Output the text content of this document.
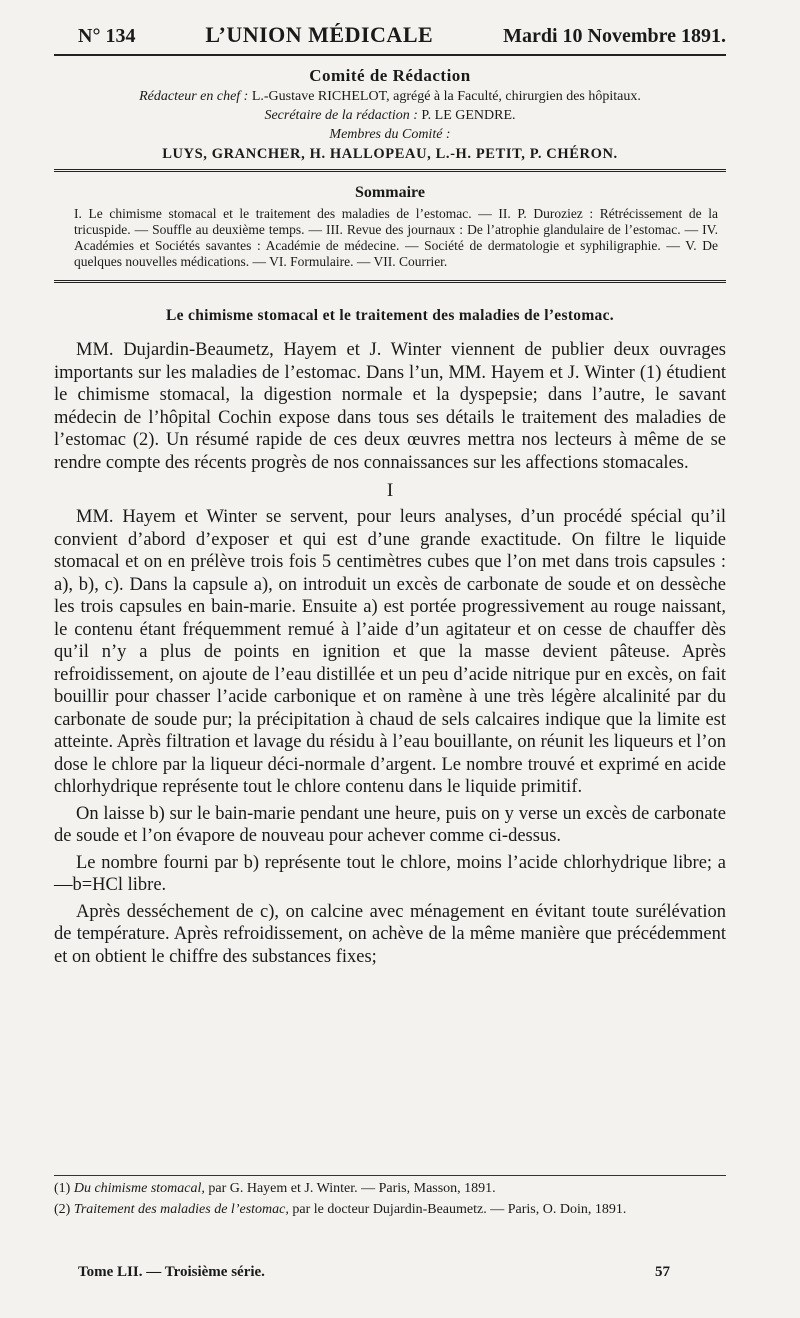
N° 134	L’UNION MÉDICALE	Mardi 10 Novembre 1891.
Comité de Rédaction
Rédacteur en chef : L.-Gustave RICHELOT, agrégé à la Faculté, chirurgien des hôpitaux.
Secrétaire de la rédaction : P. LE GENDRE.
Membres du Comité :
LUYS, GRANCHER, H. HALLOPEAU, L.-H. PETIT, P. CHÉRON.
Sommaire
I. Le chimisme stomacal et le traitement des maladies de l’estomac. — II. P. Duroziez : Rétrécissement de la tricuspide. — Souffle au deuxième temps. — III. Revue des journaux : De l’atrophie glandulaire de l’estomac. — IV. Académies et Sociétés savantes : Académie de médecine. — Société de dermatologie et syphiligraphie. — V. De quelques nouvelles médications. — VI. Formulaire. — VII. Courrier.
Le chimisme stomacal et le traitement des maladies de l’estomac.

MM. Dujardin-Beaumetz, Hayem et J. Winter viennent de publier deux ouvrages importants sur les maladies de l’estomac. Dans l’un, MM. Hayem et J. Winter (1) étudient le chimisme stomacal, la digestion normale et la dyspepsie; dans l’autre, le savant médecin de l’hôpital Cochin expose dans tous ses détails le traitement des maladies de l’estomac (2). Un résumé rapide de ces deux œuvres mettra nos lecteurs à même de se rendre compte des récents progrès de nos connaissances sur les affections stomacales.

I

MM. Hayem et Winter se servent, pour leurs analyses, d’un procédé spécial qu’il convient d’abord d’exposer et qui est d’une grande exactitude. On filtre le liquide stomacal et on en prélève trois fois 5 centimètres cubes que l’on met dans trois capsules : a), b), c). Dans la capsule a), on introduit un excès de carbonate de soude et on dessèche les trois capsules en bain-marie. Ensuite a) est portée progressivement au rouge naissant, le contenu étant fréquemment remué à l’aide d’un agitateur et on cesse de chauffer dès qu’il n’y a plus de points en ignition et que la masse devient pâteuse. Après refroidissement, on ajoute de l’eau distillée et un peu d’acide nitrique pur en excès, on fait bouillir pour chasser l’acide carbonique et on ramène à une très légère alcalinité par du carbonate de soude pur; la précipitation à chaud de sels calcaires indique que la limite est atteinte. Après filtration et lavage du résidu à l’eau bouillante, on réunit les liqueurs et l’on dose le chlore par la liqueur déci-normale d’argent. Le nombre trouvé et exprimé en acide chlorhydrique représente tout le chlore contenu dans le liquide primitif.

On laisse b) sur le bain-marie pendant une heure, puis on y verse un excès de carbonate de soude et l’on évapore de nouveau pour achever comme ci-dessus.

Le nombre fourni par b) représente tout le chlore, moins l’acide chlorhydrique libre; a—b=HCl libre.

Après desséchement de c), on calcine avec ménagement en évitant toute surélévation de température. Après refroidissement, on achève de la même manière que précédemment et on obtient le chiffre des substances fixes;

(1) Du chimisme stomacal, par G. Hayem et J. Winter. — Paris, Masson, 1891.

(2) Traitement des maladies de l’estomac, par le docteur Dujardin-Beaumetz. — Paris, O. Doin, 1891.

Tome LII. — Troisième série.	57
